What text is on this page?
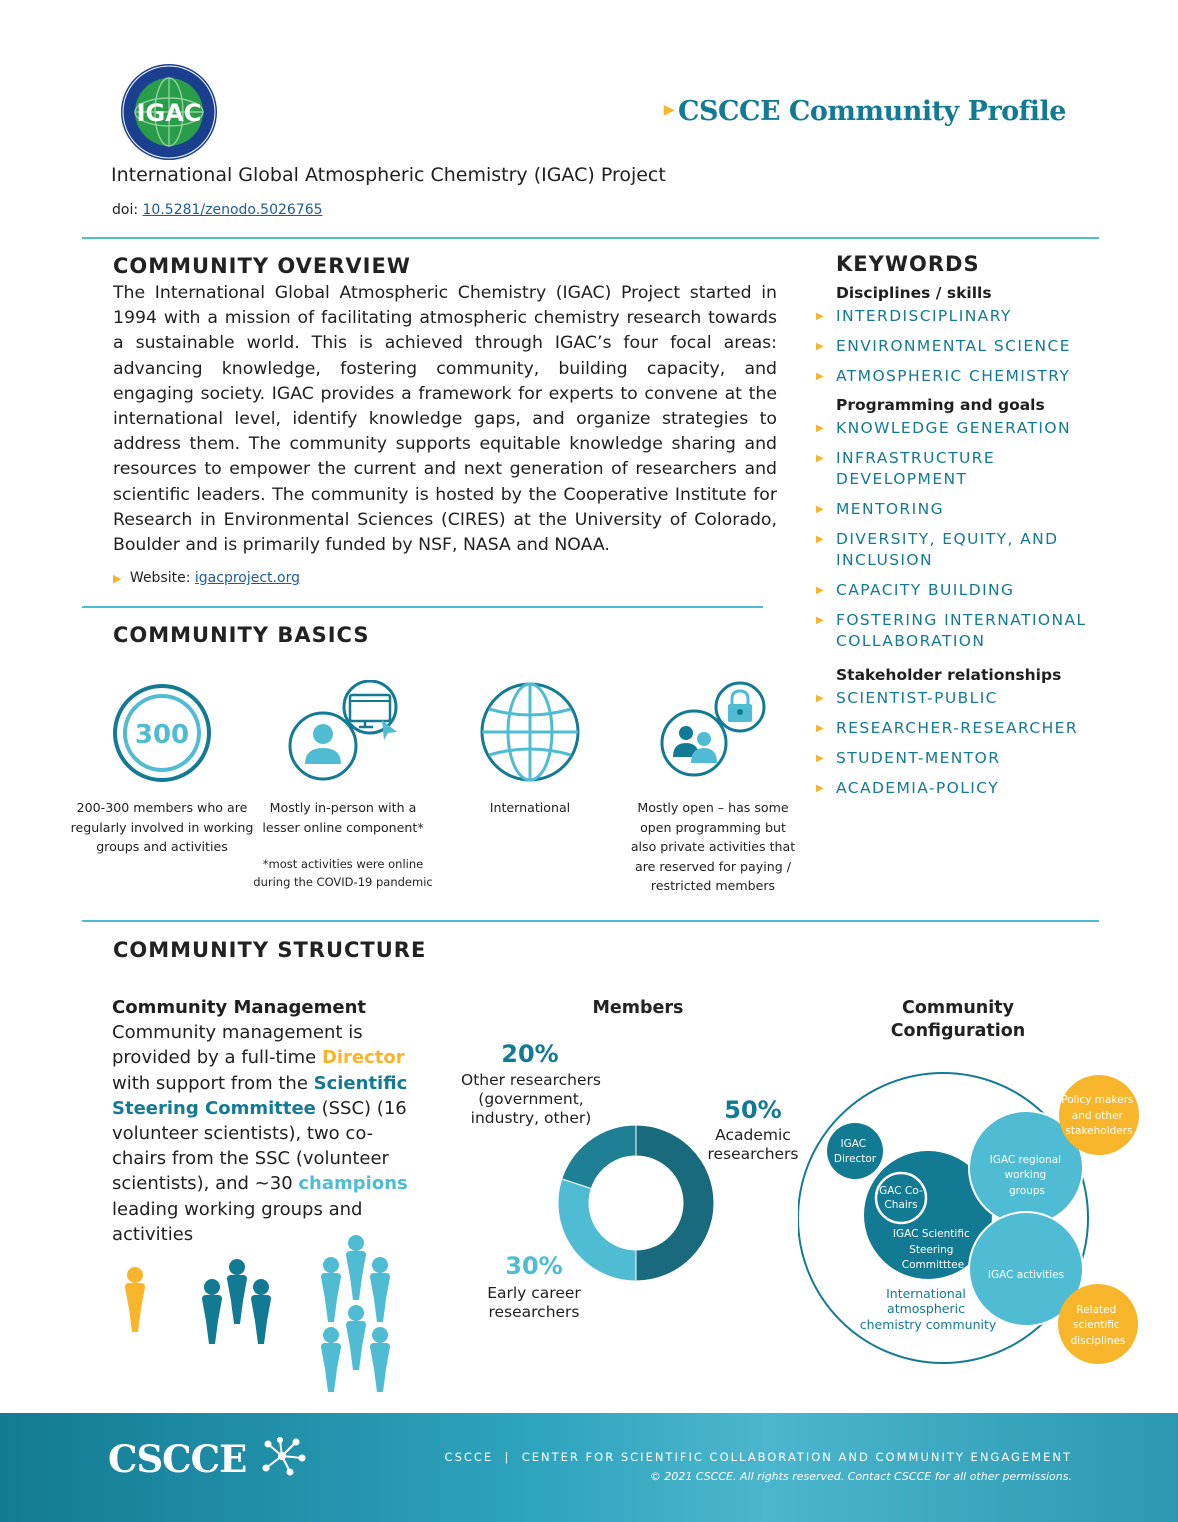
IGAC	▶ CSCCE Community Profile
International Global Atmospheric Chemistry (IGAC) Project
doi: 10.5281/zenodo.5026765
COMMUNITY OVERVIEW
The International Global Atmospheric Chemistry (IGAC) Project started in 1994 with a mission of facilitating atmospheric chemistry research towards a sustainable world. This is achieved through IGAC’s four focal areas: advancing knowledge, fostering community, building capacity, and engaging society. IGAC provides a framework for experts to convene at the international level, identify knowledge gaps, and organize strategies to address them. The community supports equitable knowledge sharing and resources to empower the current and next generation of researchers and scientific leaders. The community is hosted by the Cooperative Institute for Research in Environmental Sciences (CIRES) at the University of Colorado, Boulder and is primarily funded by NSF, NASA and NOAA.
▶ Website: igacproject.org
KEYWORDS
Disciplines / skills
▶ INTERDISCIPLINARY
▶ ENVIRONMENTAL SCIENCE
▶ ATMOSPHERIC CHEMISTRY
Programming and goals
▶ KNOWLEDGE GENERATION
▶ INFRASTRUCTURE DEVELOPMENT
▶ MENTORING
▶ DIVERSITY, EQUITY, AND INCLUSION
▶ CAPACITY BUILDING
▶ FOSTERING INTERNATIONAL COLLABORATION
Stakeholder relationships
▶ SCIENTIST-PUBLIC
▶ RESEARCHER-RESEARCHER
▶ STUDENT-MENTOR
▶ ACADEMIA-POLICY
COMMUNITY BASICS
300
200-300 members who are
regularly involved in working
groups and activities
Mostly in-person with a
lesser online component*
*most activities were online
during the COVID-19 pandemic
International	Mostly open – has some
open programming but
also private activities that
are reserved for paying /
restricted members
COMMUNITY STRUCTURE
Community Management
Community management is provided by a full-time Director with support from the Scientific Steering Committee (SSC) (16 volunteer scientists), two co-chairs from the SSC (volunteer scientists), and ~30 champions leading working groups and activities
Members
20%
Other researchers
(government,
industry, other)	50%
Academic
researchers
30%
Early career
researchers
Community
Configuration
International atmospheric chemistry community
IGAC Scientific Steering Committtee
IGAC Co- Chairs
IGAC Director	IGAC regional working groups
IGAC activities
Policy makers and other stakeholders
Related scientific disciplines
CSCCE	CSCCE  |  CENTER FOR SCIENTIFIC COLLABORATION AND COMMUNITY ENGAGEMENT
© 2021 CSCCE. All rights reserved. Contact CSCCE for all other permissions.
